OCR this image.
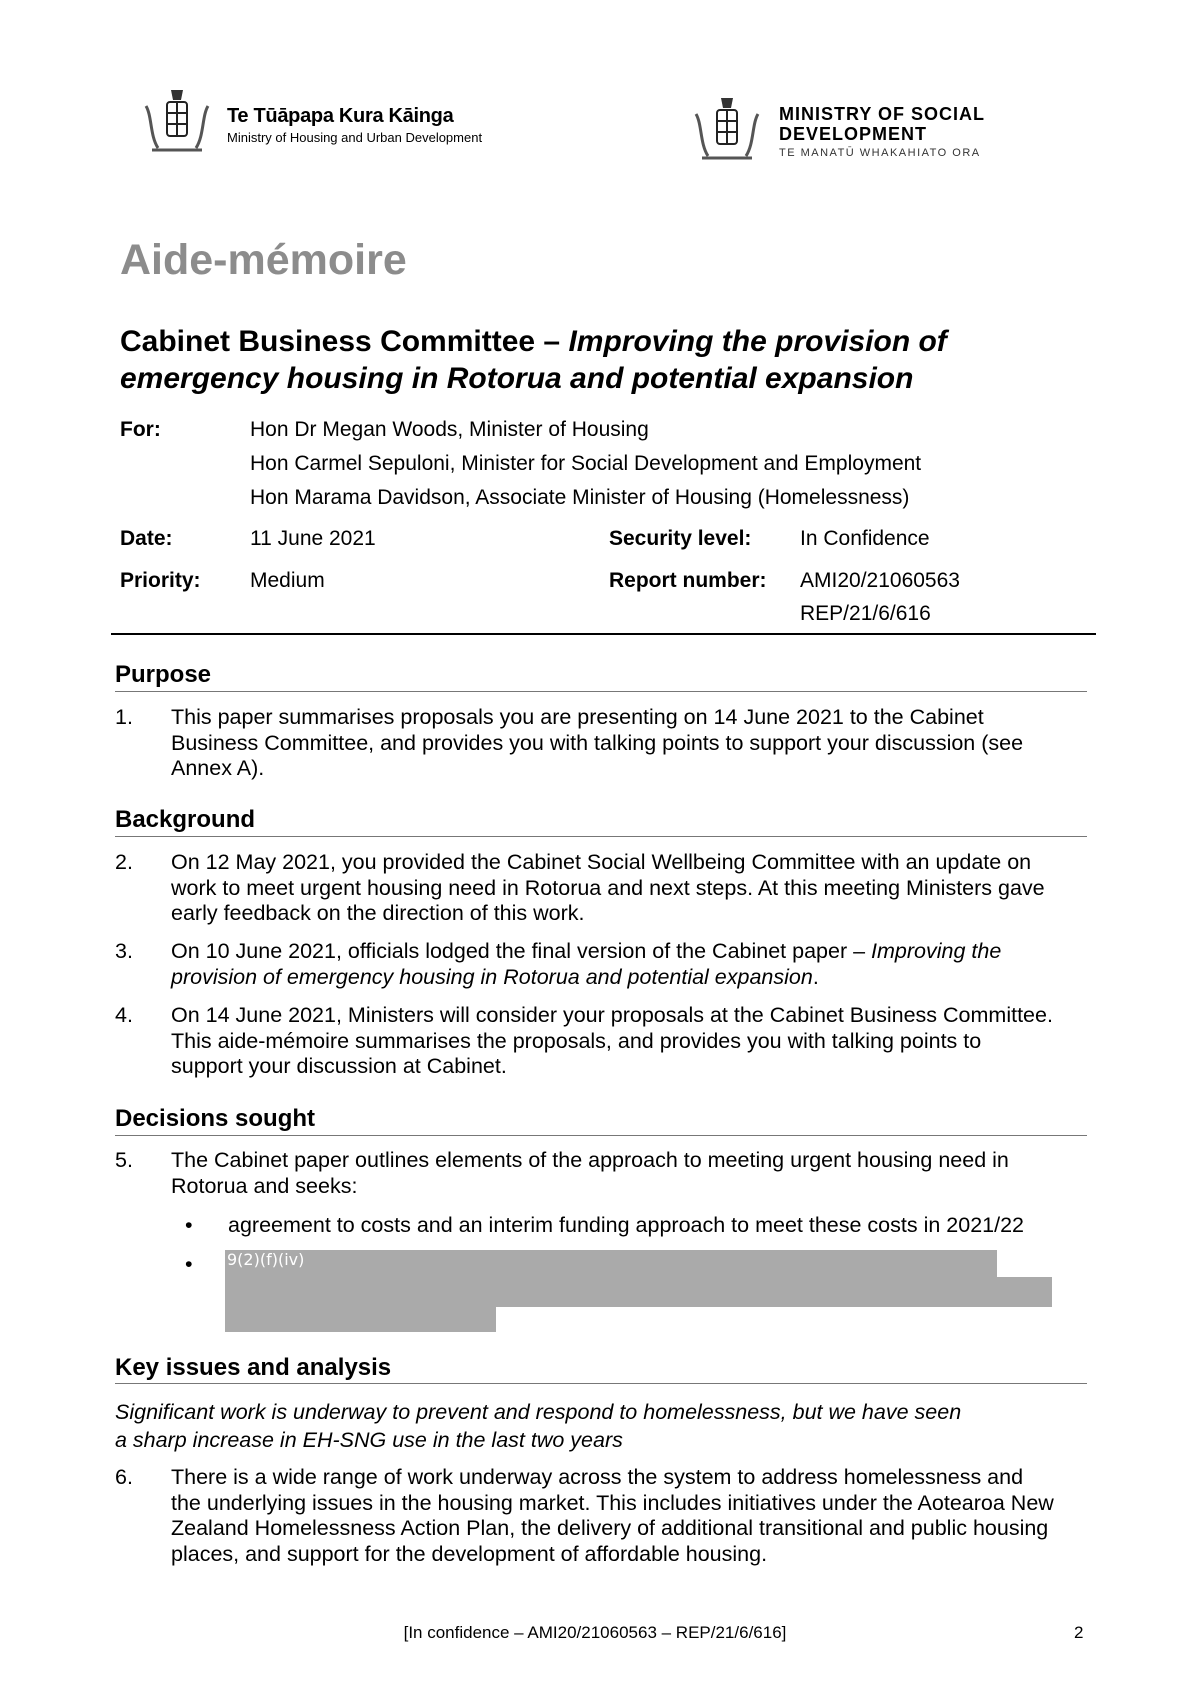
Te Tūāpapa Kura Kāinga
Ministry of Housing and Urban Development
MINISTRY OF SOCIAL
DEVELOPMENT
TE MANATŪ WHAKAHIATO ORA
Aide-mémoire
Cabinet Business Committee – Improving the provision of
emergency housing in Rotorua and potential expansion
For:	Hon Dr Megan Woods, Minister of Housing
Hon Carmel Sepuloni, Minister for Social Development and Employment
Hon Marama Davidson, Associate Minister of Housing (Homelessness)
Date:	11 June 2021	Security level: In Confidence
Priority: Medium	Report number: AMI20/21060563
REP/21/6/616
Purpose
1. This paper summarises proposals you are presenting on 14 June 2021 to the Cabinet
Business Committee, and provides you with talking points to support your discussion (see
Annex A).
Background
2. On 12 May 2021, you provided the Cabinet Social Wellbeing Committee with an update on
work to meet urgent housing need in Rotorua and next steps. At this meeting Ministers gave
early feedback on the direction of this work.
3. On 10 June 2021, officials lodged the final version of the Cabinet paper – Improving the
provision of emergency housing in Rotorua and potential expansion.
4. On 14 June 2021, Ministers will consider your proposals at the Cabinet Business Committee.
This aide-mémoire summarises the proposals, and provides you with talking points to
support your discussion at Cabinet.
Decisions sought
5. The Cabinet paper outlines elements of the approach to meeting urgent housing need in
Rotorua and seeks:
• agreement to costs and an interim funding approach to meet these costs in 2021/22
• 9(2)(f)(iv)
Key issues and analysis
Significant work is underway to prevent and respond to homelessness, but we have seen
a sharp increase in EH-SNG use in the last two years
6. There is a wide range of work underway across the system to address homelessness and
the underlying issues in the housing market. This includes initiatives under the Aotearoa New
Zealand Homelessness Action Plan, the delivery of additional transitional and public housing
places, and support for the development of affordable housing.
[In confidence – AMI20/21060563 – REP/21/6/616]	2
